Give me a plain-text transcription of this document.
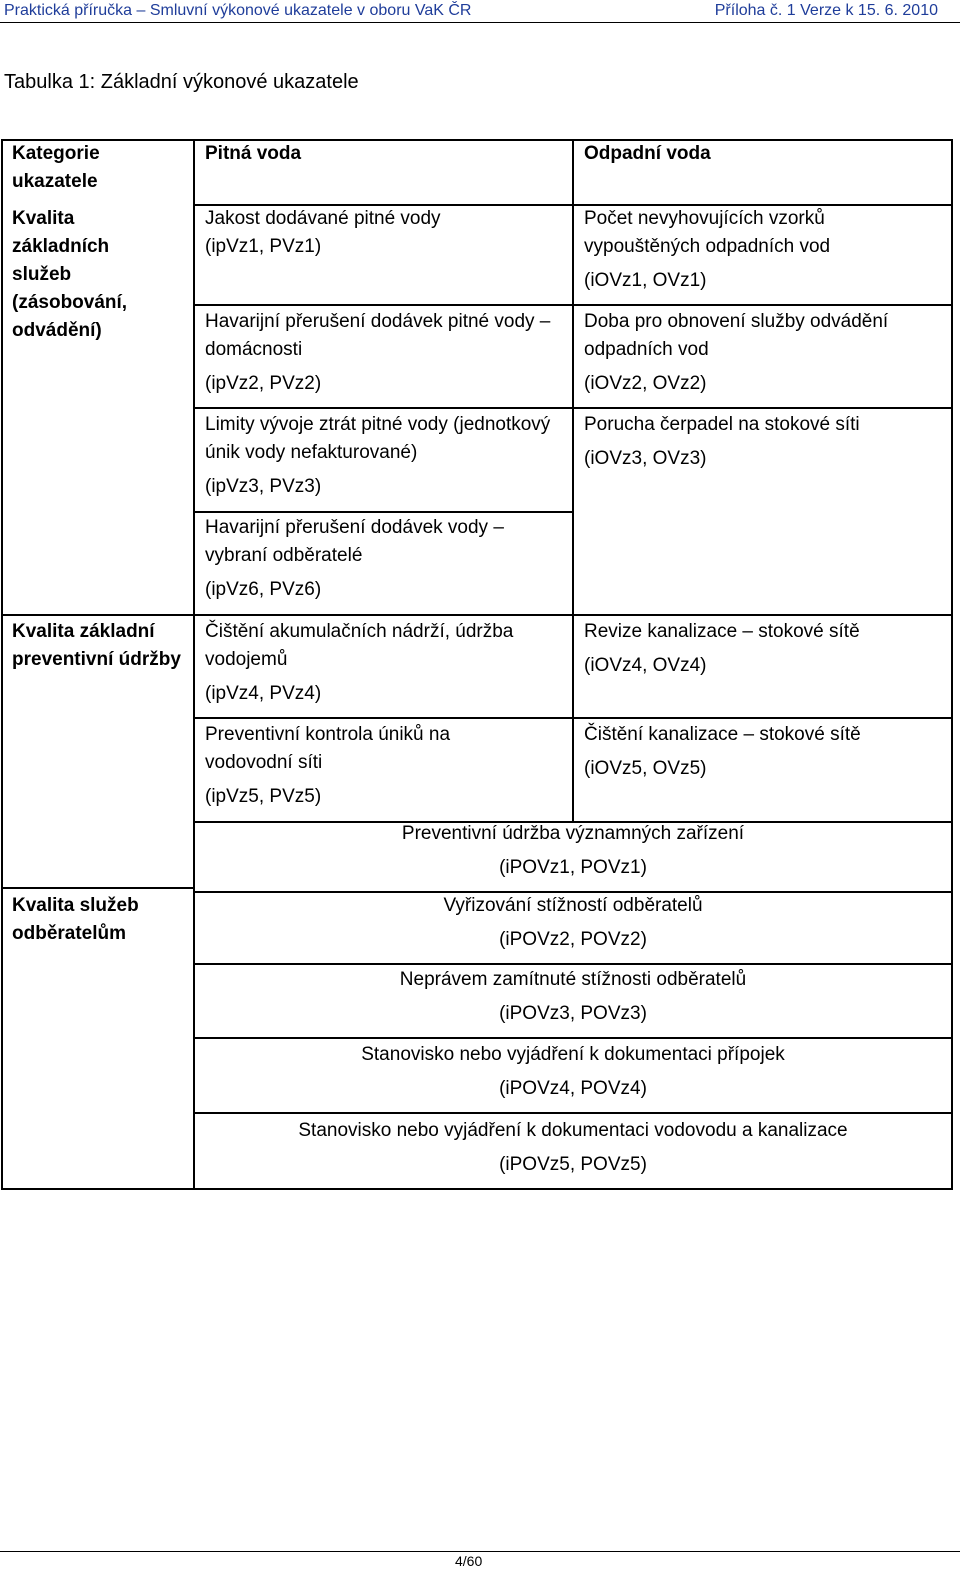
Praktická příručka – Smluvní výkonové ukazatele v oboru VaK ČR	Příloha č. 1 Verze k 15. 6. 2010
Tabulka 1: Základní výkonové ukazatele
Kategorie ukazatele
Pitná voda	Odpadní voda
Kvalita základních služeb (zásobování, odvádění)
Kvalita základní preventivní údržby
Kvalita služeb odběratelům

Jakost dodávané pitné vody

(ipVz1, PVz1)

Havarijní přerušení dodávek pitné vody – domácnosti

(ipVz2, PVz2)

Limity vývoje ztrát pitné vody (jednotkový únik vody nefakturované)

(ipVz3, PVz3)

Havarijní přerušení dodávek vody – vybraní odběratelé

(ipVz6, PVz6)

Čištění akumulačních nádrží, údržba vodojemů

(ipVz4, PVz4)

Preventivní kontrola úniků na vodovodní síti

(ipVz5, PVz5)

Počet nevyhovujících vzorků vypouštěných odpadních vod

(iOVz1, OVz1)

Doba pro obnovení služby odvádění odpadních vod

(iOVz2, OVz2)

Porucha čerpadel na stokové síti

(iOVz3, OVz3)

Revize kanalizace – stokové sítě

(iOVz4, OVz4)

Čištění kanalizace – stokové sítě

(iOVz5, OVz5)

Preventivní údržba významných zařízení

(iPOVz1, POVz1)

Vyřizování stížností odběratelů

(iPOVz2, POVz2)

Neprávem zamítnuté stížnosti odběratelů

(iPOVz3, POVz3)

Stanovisko nebo vyjádření k dokumentaci přípojek

(iPOVz4, POVz4)

Stanovisko nebo vyjádření k dokumentaci vodovodu a kanalizace

(iPOVz5, POVz5)

4/60
